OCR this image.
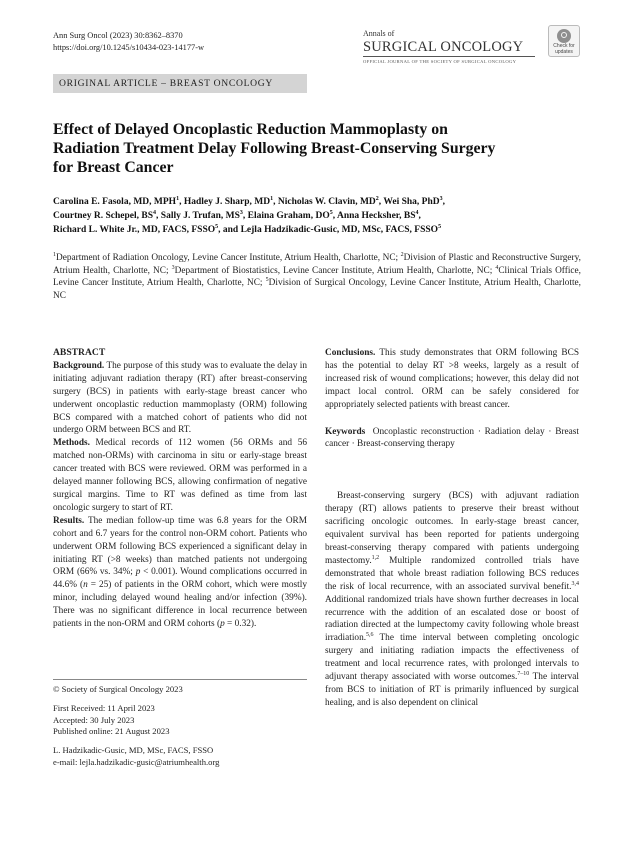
Ann Surg Oncol (2023) 30:8362–8370
https://doi.org/10.1245/s10434-023-14177-w
Annals of
SURGICAL ONCOLOGY
OFFICIAL JOURNAL OF THE SOCIETY OF SURGICAL ONCOLOGY
Check for
updates
ORIGINAL ARTICLE – BREAST ONCOLOGY
Effect of Delayed Oncoplastic Reduction Mammoplasty on Radiation Treatment Delay Following Breast-Conserving Surgery for Breast Cancer
Carolina E. Fasola, MD, MPH$^1$, Hadley J. Sharp, $MD^1$, Nicholas W. Clavin, $MD^2$, Wei Sha, PhD$^3$,
Courtney R. Schepel, $BS^4$, Sally J. Trufan, $MS^3$, Elaina Graham, $DO^5$, Anna Hecksher, $BS^4$,
Richard L. White Jr., MD, FACS, FSSO$^5$, and Lejla Hadzikadic-Gusic, MD, MSc, FACS, FSSO$^5$
$^1$Department of Radiation Oncology, Levine Cancer Institute, Atrium Health, Charlotte, NC; $^2$Division of Plastic and Reconstructive Surgery, Atrium Health, Charlotte, NC; $^3$Department of Biostatistics, Levine Cancer Institute, Atrium Health, Charlotte, NC; $^4$Clinical Trials Office, Levine Cancer Institute, Atrium Health, Charlotte, NC; $^5$Division of Surgical Oncology, Levine Cancer Institute, Atrium Health, Charlotte, NC

ABSTRACT

Background. The purpose of this study was to evaluate the delay in initiating adjuvant radiation therapy (RT) after breast-conserving surgery (BCS) in patients with early-stage breast cancer who underwent oncoplastic reduction mammoplasty (ORM) following BCS compared with a matched cohort of patients who did not undergo ORM between BCS and RT.

Methods. Medical records of 112 women (56 ORMs and 56 matched non-ORMs) with carcinoma in situ or early-stage breast cancer treated with BCS were reviewed. ORM was performed in a delayed manner following BCS, allowing confirmation of negative surgical margins. Time to RT was defined as time from last oncologic surgery to start of RT.

Results. The median follow-up time was 6.8 years for the ORM cohort and 6.7 years for the control non-ORM cohort. Patients who underwent ORM following BCS experienced a significant delay in initiating RT (>8 weeks) than matched patients not undergoing ORM (66% vs. 34%; p < 0.001). Wound complications occurred in 44.6% (n = 25) of patients in the ORM cohort, which were mostly minor, including delayed wound healing and/or infection (39%). There was no significant difference in local recurrence between patients in the non-ORM and ORM cohorts (p = 0.32).

Conclusions. This study demonstrates that ORM following BCS has the potential to delay RT >8 weeks, largely as a result of increased risk of wound complications; however, this delay did not impact local control. ORM can be safely considered for appropriately selected patients with breast cancer.

Keywords Oncoplastic reconstruction · Radiation delay · Breast cancer · Breast-conserving therapy

Breast-conserving surgery (BCS) with adjuvant radiation therapy (RT) allows patients to preserve their breast without sacrificing oncologic outcomes. In early-stage breast cancer, equivalent survival has been reported for patients undergoing breast-conserving therapy compared with patients undergoing mastectomy.$^{1,2}$ Multiple randomized controlled trials have demonstrated that whole breast radiation following BCS reduces the risk of local recurrence, with an associated survival benefit.$^{3,4}$ Additional randomized trials have shown further decreases in local recurrence with the addition of an escalated dose or boost of radiation directed at the lumpectomy cavity following whole breast irradiation.$^{5,6}$ The time interval between completing oncologic surgery and initiating radiation impacts the effectiveness of treatment and local recurrence rates, with prolonged intervals to adjuvant therapy associated with worse outcomes.$^{7-10}$ The interval from BCS to initiation of RT is primarily influenced by surgical healing, and is also dependent on clinical

© Society of Surgical Oncology 2023
First Received: 11 April 2023
Accepted: 30 July 2023
Published online: 21 August 2023
L. Hadzikadic-Gusic, MD, MSc, FACS, FSSO
e-mail: lejla.hadzikadic-gusic@atriumhealth.org
